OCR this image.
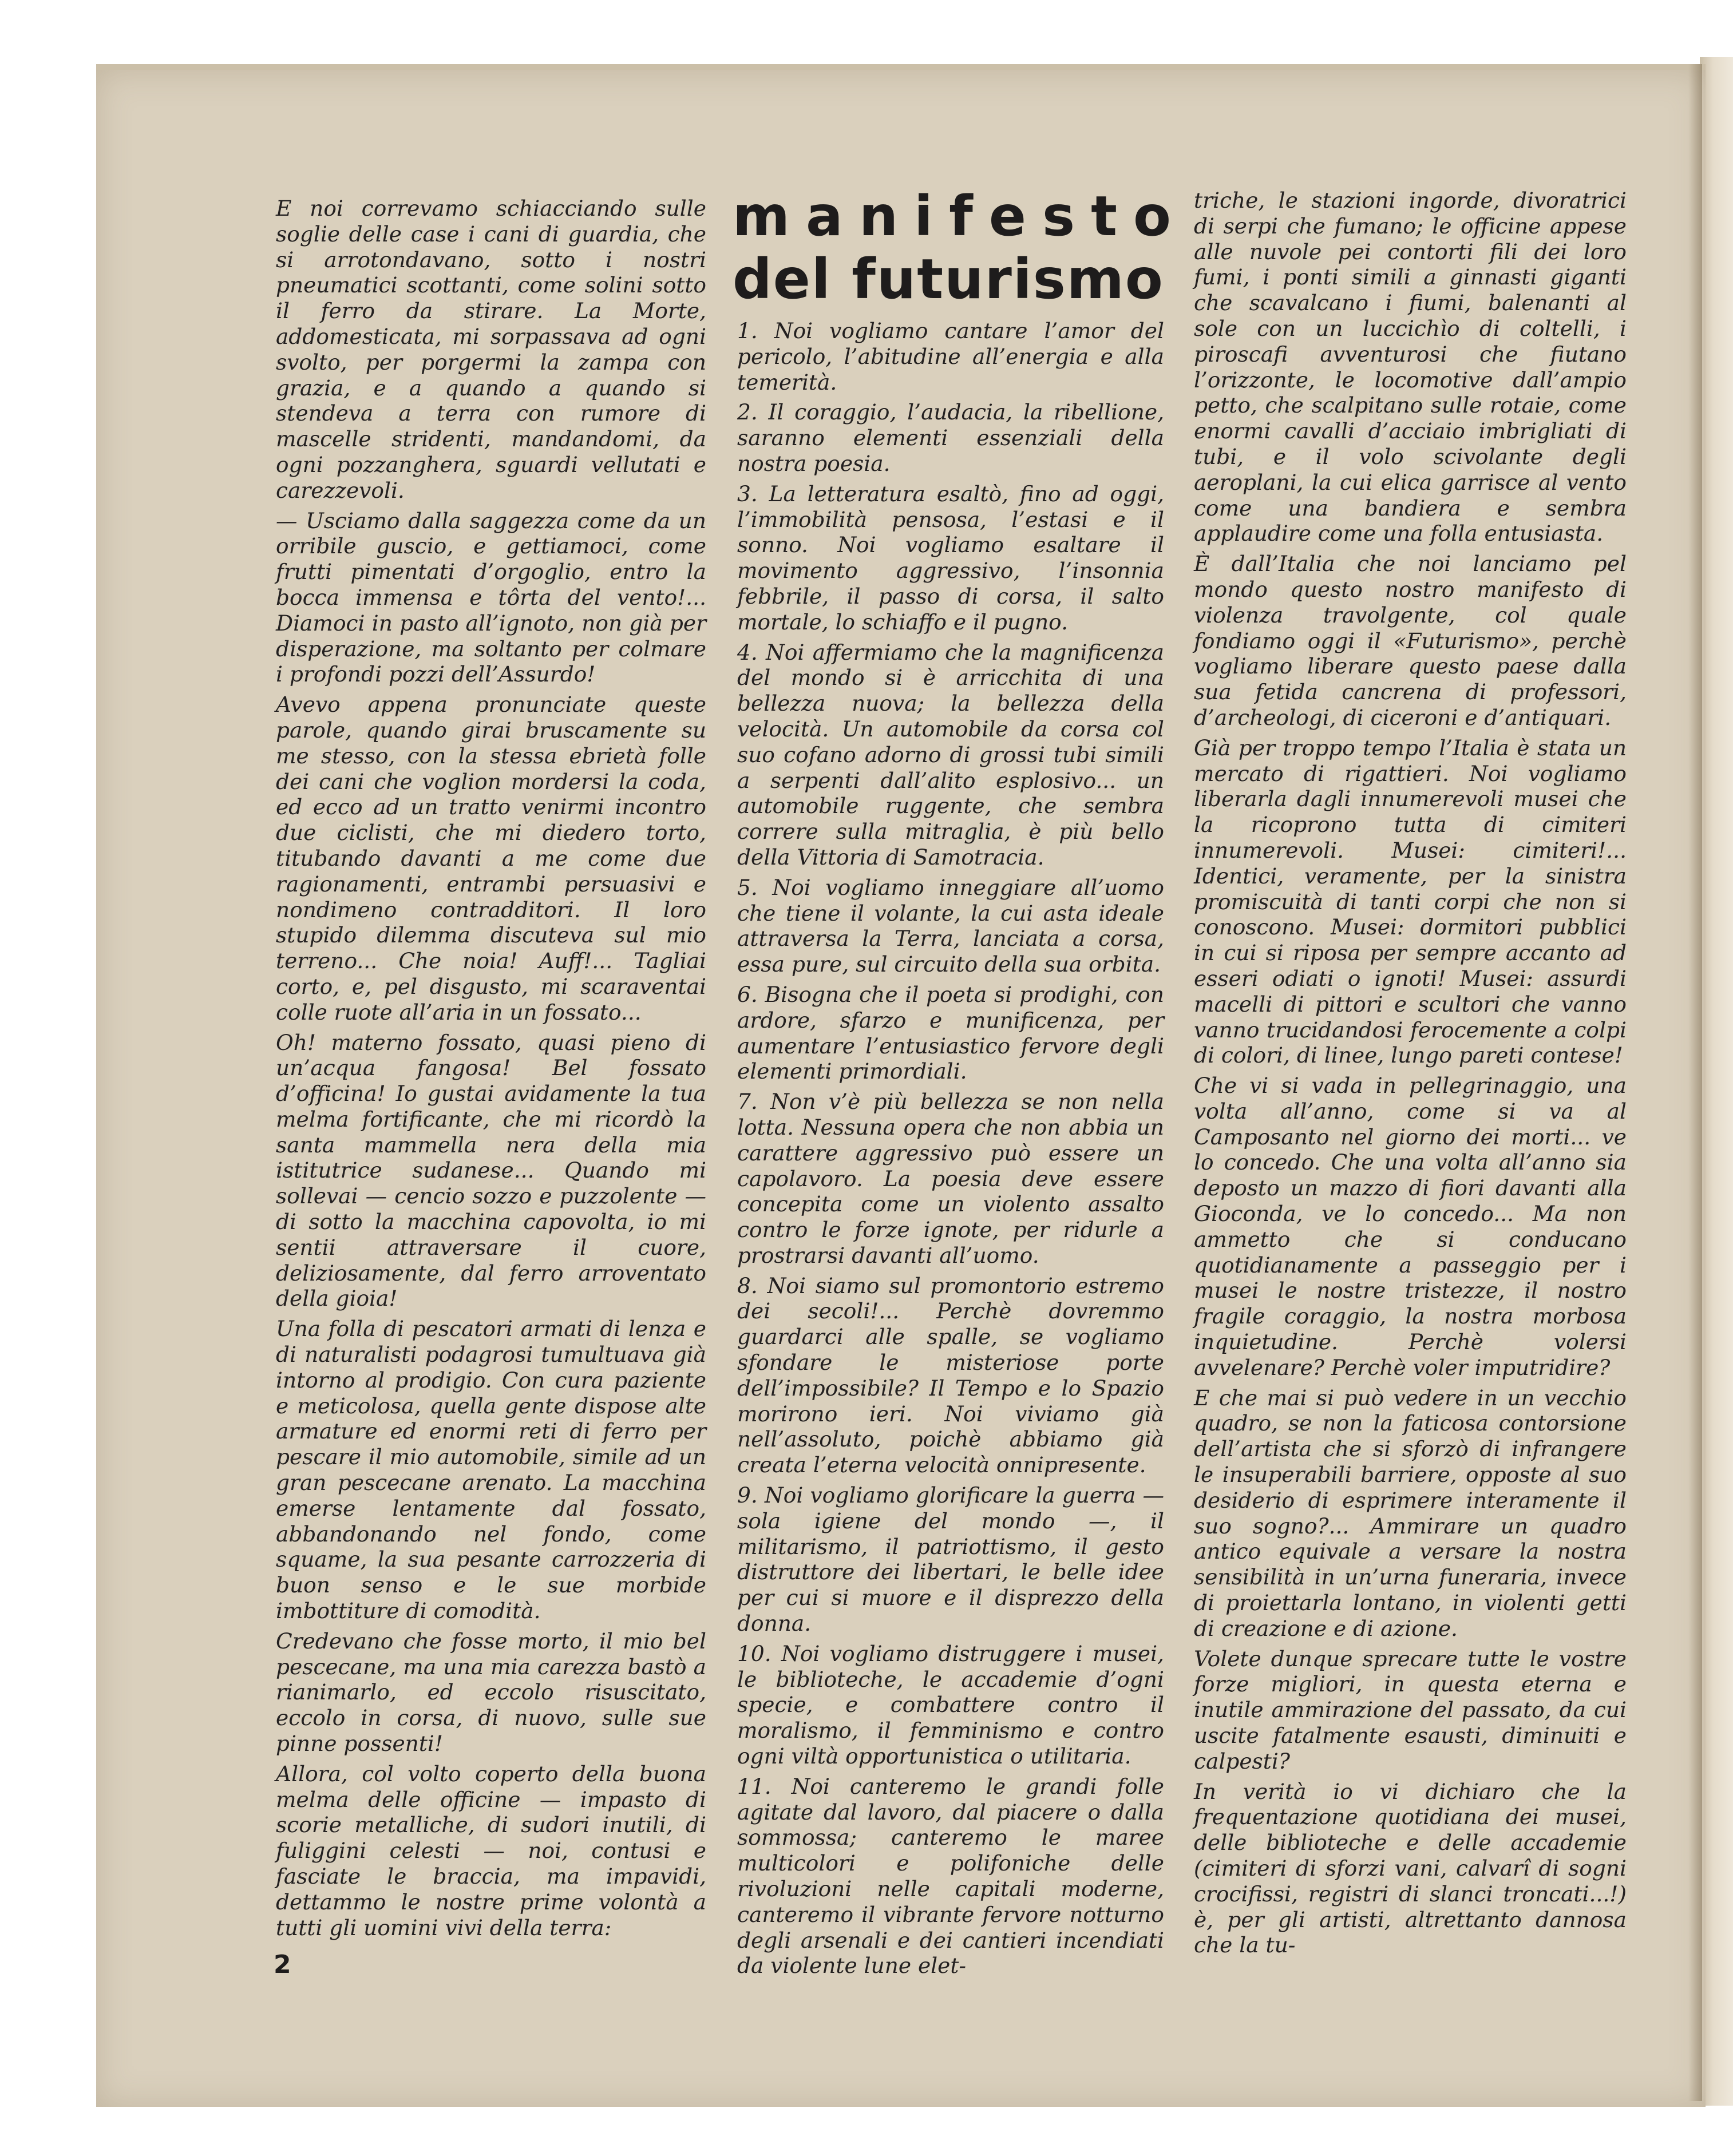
manifesto
del futurismo

E noi correvamo schiacciando sulle soglie delle case i cani di guardia, che si arrotondavano, sotto i nostri pneumatici scottanti, come solini sotto il ferro da stirare. La Morte, addomesticata, mi sorpassava ad ogni svolto, per porgermi la zampa con grazia, e a quando a quando si stendeva a terra con rumore di mascelle stridenti, mandandomi, da ogni pozzanghera, sguardi vellutati e carezzevoli.

— Usciamo dalla saggezza come da un orribile guscio, e gettiamoci, come frutti pimentati d’orgoglio, entro la bocca immensa e tôrta del vento!... Diamoci in pasto all’ignoto, non già per disperazione, ma soltanto per colmare i profondi pozzi dell’Assurdo!

Avevo appena pronunciate queste parole, quando girai bruscamente su me stesso, con la stessa ebrietà folle dei cani che voglion mordersi la coda, ed ecco ad un tratto venirmi incontro due ciclisti, che mi diedero torto, titubando davanti a me come due ragionamenti, entrambi persuasivi e nondimeno contradditori. Il loro stupido dilemma discuteva sul mio terreno... Che noia! Auff!... Tagliai corto, e, pel disgusto, mi scaraventai colle ruote all’aria in un fossato...

Oh! materno fossato, quasi pieno di un’acqua fangosa! Bel fossato d’officina! Io gustai avidamente la tua melma fortificante, che mi ricordò la santa mammella nera della mia istitutrice sudanese... Quando mi sollevai — cencio sozzo e puzzolente — di sotto la macchina capovolta, io mi sentii attraversare il cuore, deliziosamente, dal ferro arroventato della gioia!

Una folla di pescatori armati di lenza e di naturalisti podagrosi tumultuava già intorno al prodigio. Con cura paziente e meticolosa, quella gente dispose alte armature ed enormi reti di ferro per pescare il mio automobile, simile ad un gran pescecane arenato. La macchina emerse lentamente dal fossato, abbandonando nel fondo, come squame, la sua pesante carrozzeria di buon senso e le sue morbide imbottiture di comodità.

Credevano che fosse morto, il mio bel pescecane, ma una mia carezza bastò a rianimarlo, ed eccolo risuscitato, eccolo in corsa, di nuovo, sulle sue pinne possenti!

Allora, col volto coperto della buona melma delle officine — impasto di scorie metalliche, di sudori inutili, di fuliggini celesti — noi, contusi e fasciate le braccia, ma impavidi, dettammo le nostre prime volontà a tutti gli uomini vivi della terra:

1. Noi vogliamo cantare l’amor del pericolo, l’abitudine all’energia e alla temerità.

2. Il coraggio, l’audacia, la ribellione, saranno elementi essenziali della nostra poesia.

3. La letteratura esaltò, fino ad oggi, l’immobilità pensosa, l’estasi e il sonno. Noi vogliamo esaltare il movimento aggressivo, l’insonnia febbrile, il passo di corsa, il salto mortale, lo schiaffo e il pugno.

4. Noi affermiamo che la magnificenza del mondo si è arricchita di una bellezza nuova; la bellezza della velocità. Un automobile da corsa col suo cofano adorno di grossi tubi simili a serpenti dall’alito esplosivo... un automobile ruggente, che sembra correre sulla mitraglia, è più bello della Vittoria di Samotracia.

5. Noi vogliamo inneggiare all’uomo che tiene il volante, la cui asta ideale attraversa la Terra, lanciata a corsa, essa pure, sul circuito della sua orbita.

6. Bisogna che il poeta si prodighi, con ardore, sfarzo e munificenza, per aumentare l’entusiastico fervore degli elementi primordiali.

7. Non v’è più bellezza se non nella lotta. Nessuna opera che non abbia un carattere aggressivo può essere un capolavoro. La poesia deve essere concepita come un violento assalto contro le forze ignote, per ridurle a prostrarsi davanti all’uomo.

8. Noi siamo sul promontorio estremo dei secoli!... Perchè dovremmo guardarci alle spalle, se vogliamo sfondare le misteriose porte dell’impossibile? Il Tempo e lo Spazio morirono ieri. Noi viviamo già nell’assoluto, poichè abbiamo già creata l’eterna velocità onnipresente.

9. Noi vogliamo glorificare la guerra — sola igiene del mondo —, il militarismo, il patriottismo, il gesto distruttore dei libertari, le belle idee per cui si muore e il disprezzo della donna.

10. Noi vogliamo distruggere i musei, le biblioteche, le accademie d’ogni specie, e combattere contro il moralismo, il femminismo e contro ogni viltà opportunistica o utilitaria.

11. Noi canteremo le grandi folle agitate dal lavoro, dal piacere o dalla sommossa; canteremo le maree multicolori e polifoniche delle rivoluzioni nelle capitali moderne, canteremo il vibrante fervore notturno degli arsenali e dei cantieri incendiati da violente lune elet-

triche, le stazioni ingorde, divoratrici di serpi che fumano; le officine appese alle nuvole pei contorti fili dei loro fumi, i ponti simili a ginnasti giganti che scavalcano i fiumi, balenanti al sole con un luccichìo di coltelli, i piroscafi avventurosi che fiutano l’orizzonte, le locomotive dall’ampio petto, che scalpitano sulle rotaie, come enormi cavalli d’acciaio imbrigliati di tubi, e il volo scivolante degli aeroplani, la cui elica garrisce al vento come una bandiera e sembra applaudire come una folla entusiasta.

È dall’Italia che noi lanciamo pel mondo questo nostro manifesto di violenza travolgente, col quale fondiamo oggi il «Futurismo», perchè vogliamo liberare questo paese dalla sua fetida cancrena di professori, d’archeologi, di ciceroni e d’antiquari.

Già per troppo tempo l’Italia è stata un mercato di rigattieri. Noi vogliamo liberarla dagli innumerevoli musei che la ricoprono tutta di cimiteri innumerevoli. Musei: cimiteri!... Identici, veramente, per la sinistra promiscuità di tanti corpi che non si conoscono. Musei: dormitori pubblici in cui si riposa per sempre accanto ad esseri odiati o ignoti! Musei: assurdi macelli di pittori e scultori che vanno vanno trucidandosi ferocemente a colpi di colori, di linee, lungo pareti contese!

Che vi si vada in pellegrinaggio, una volta all’anno, come si va al Camposanto nel giorno dei morti... ve lo concedo. Che una volta all’anno sia deposto un mazzo di fiori davanti alla Gioconda, ve lo concedo... Ma non ammetto che si conducano quotidianamente a passeggio per i musei le nostre tristezze, il nostro fragile coraggio, la nostra morbosa inquietudine. Perchè volersi avvelenare? Perchè voler imputridire?

E che mai si può vedere in un vecchio quadro, se non la faticosa contorsione dell’artista che si sforzò di infrangere le insuperabili barriere, opposte al suo desiderio di esprimere interamente il suo sogno?... Ammirare un quadro antico equivale a versare la nostra sensibilità in un’urna funeraria, invece di proiettarla lontano, in violenti getti di creazione e di azione.

Volete dunque sprecare tutte le vostre forze migliori, in questa eterna e inutile ammirazione del passato, da cui uscite fatalmente esausti, diminuiti e calpesti?

In verità io vi dichiaro che la frequentazione quotidiana dei musei, delle biblioteche e delle accademie (cimiteri di sforzi vani, calvarî di sogni crocifissi, registri di slanci troncati...!) è, per gli artisti, altrettanto dannosa che la tu-

2
